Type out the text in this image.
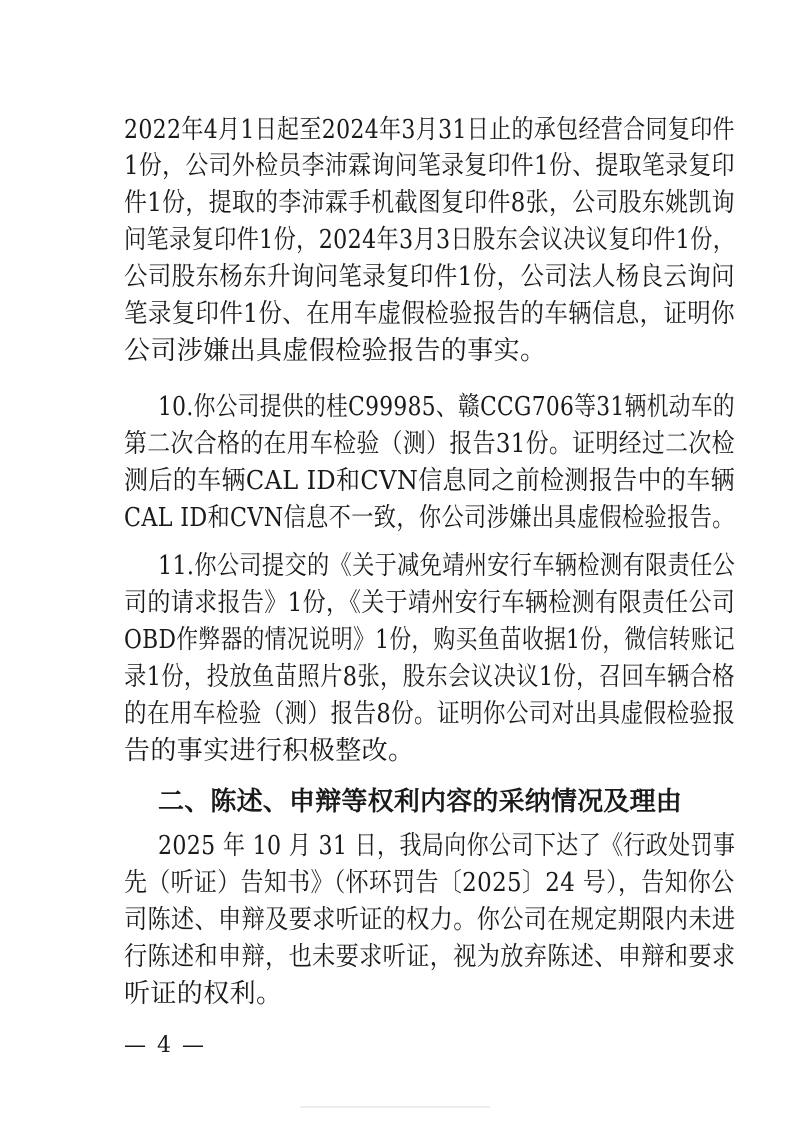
2022年4月1日起至2024年3月31日止的承包经营合同复印件
1份，公司外检员李沛霖询问笔录复印件1份、提取笔录复印
件1份，提取的李沛霖手机截图复印件8张，公司股东姚凯询
问笔录复印件1份，2024年3月3日股东会议决议复印件1份，
公司股东杨东升询问笔录复印件1份，公司法人杨良云询问
笔录复印件1份、在用车虚假检验报告的车辆信息，证明你
公司涉嫌出具虚假检验报告的事实。
10.你公司提供的桂C99985、赣CCG706等31辆机动车的
第二次合格的在用车检验（测）报告31份。证明经过二次检
测后的车辆CAL ID和CVN信息同之前检测报告中的车辆
CAL ID和CVN信息不一致，你公司涉嫌出具虚假检验报告。
11.你公司提交的《关于减免靖州安行车辆检测有限责任公
司的请求报告》1份，《关于靖州安行车辆检测有限责任公司
OBD作弊器的情况说明》1份，购买鱼苗收据1份，微信转账记
录1份，投放鱼苗照片8张，股东会议决议1份，召回车辆合格
的在用车检验（测）报告8份。证明你公司对出具虚假检验报
告的事实进行积极整改。
二、陈述、申辩等权利内容的采纳情况及理由
2025 年 10 月 31 日，我局向你公司下达了《行政处罚事
先（听证）告知书》（怀环罚告〔2025〕24 号），告知你公
司陈述、申辩及要求听证的权力。你公司在规定期限内未进
行陈述和申辩，也未要求听证，视为放弃陈述、申辩和要求
听证的权利。
— 4 —
